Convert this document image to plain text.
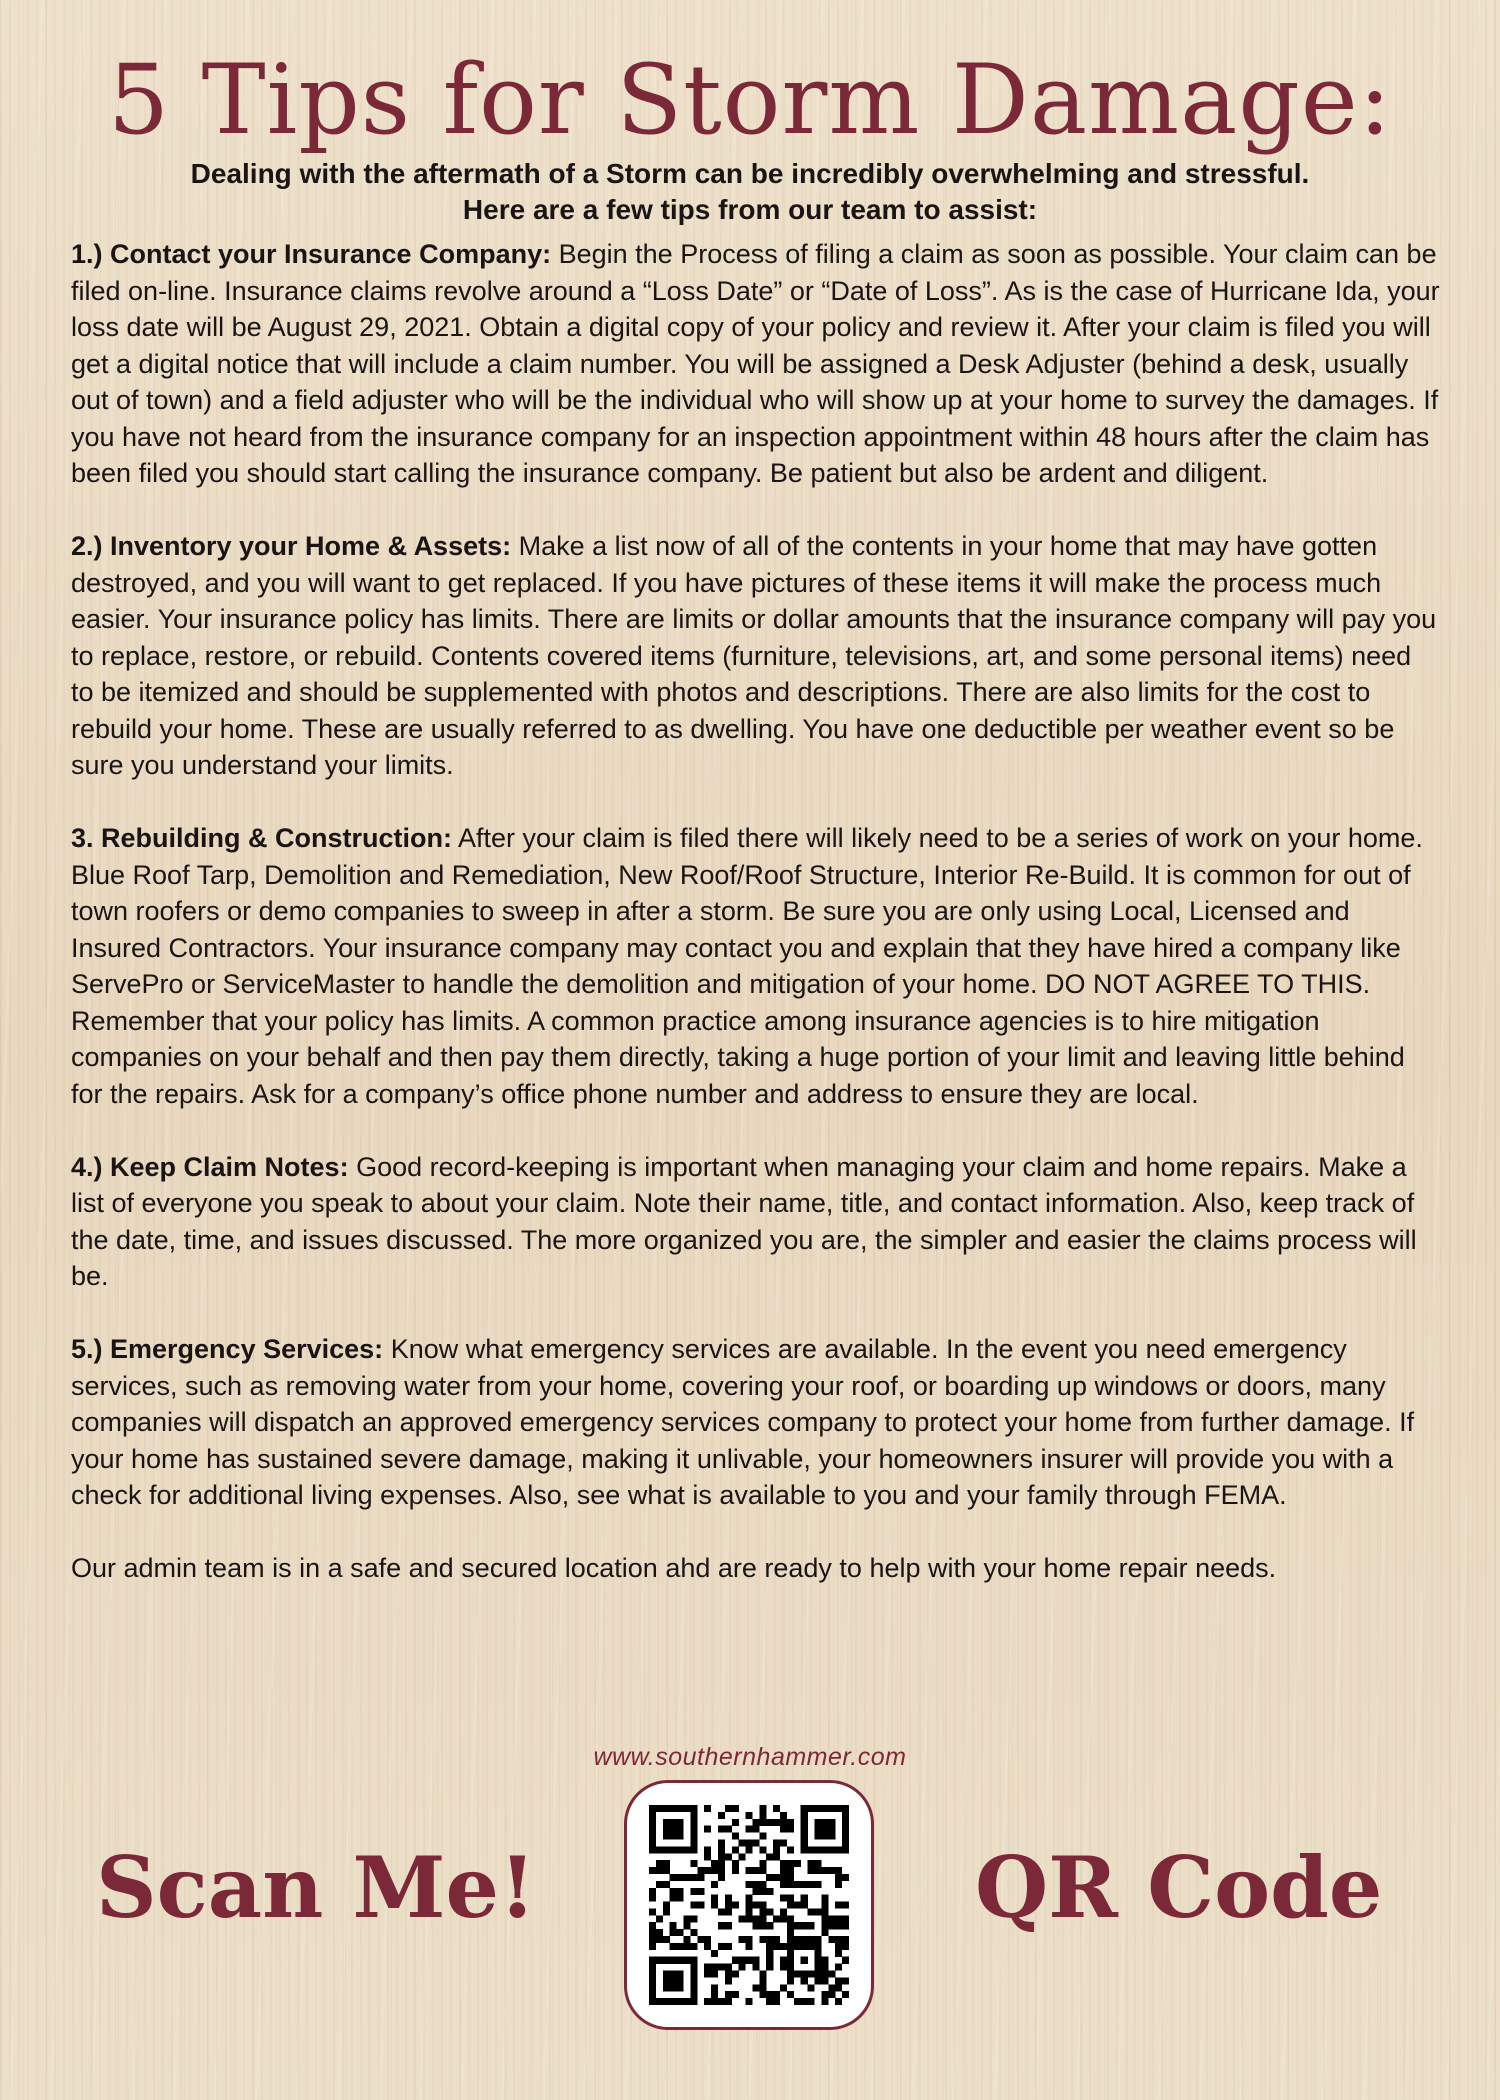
5 Tips for Storm Damage:
Dealing with the aftermath of a Storm can be incredibly overwhelming and stressful.
Here are a few tips from our team to assist:

1.) Contact your Insurance Company: Begin the Process of filing a claim as soon as possible. Your claim can be filed on-line. Insurance claims revolve around a “Loss Date” or “Date of Loss”. As is the case of Hurricane Ida, your loss date will be August 29, 2021. Obtain a digital copy of your policy and review it. After your claim is filed you will get a digital notice that will include a claim number. You will be assigned a Desk Adjuster (behind a desk, usually out of town) and a field adjuster who will be the individual who will show up at your home to survey the damages. If you have not heard from the insurance company for an inspection appointment within 48 hours after the claim has been filed you should start calling the insurance company. Be patient but also be ardent and diligent.

2.) Inventory your Home & Assets: Make a list now of all of the contents in your home that may have gotten destroyed, and you will want to get replaced. If you have pictures of these items it will make the process much easier. Your insurance policy has limits. There are limits or dollar amounts that the insurance company will pay you to replace, restore, or rebuild. Contents covered items (furniture, televisions, art, and some personal items) need to be itemized and should be supplemented with photos and descriptions. There are also limits for the cost to rebuild your home. These are usually referred to as dwelling. You have one deductible per weather event so be sure you understand your limits.

3. Rebuilding & Construction: After your claim is filed there will likely need to be a series of work on your home. Blue Roof Tarp, Demolition and Remediation, New Roof/Roof Structure, Interior Re-Build. It is common for out of town roofers or demo companies to sweep in after a storm. Be sure you are only using Local, Licensed and Insured Contractors. Your insurance company may contact you and explain that they have hired a company like ServePro or ServiceMaster to handle the demolition and mitigation of your home. DO NOT AGREE TO THIS. Remember that your policy has limits. A common practice among insurance agencies is to hire mitigation companies on your behalf and then pay them directly, taking a huge portion of your limit and leaving little behind for the repairs. Ask for a company’s office phone number and address to ensure they are local.

4.) Keep Claim Notes: Good record-keeping is important when managing your claim and home repairs. Make a list of everyone you speak to about your claim. Note their name, title, and contact information. Also, keep track of the date, time, and issues discussed. The more organized you are, the simpler and easier the claims process will be.

5.) Emergency Services: Know what emergency services are available. In the event you need emergency services, such as removing water from your home, covering your roof, or boarding up windows or doors, many companies will dispatch an approved emergency services company to protect your home from further damage. If your home has sustained severe damage, making it unlivable, your homeowners insurer will provide you with a check for additional living expenses. Also, see what is available to you and your family through FEMA.

Our admin team is in a safe and secured location ahd are ready to help with your home repair needs.

www.southernhammer.com
Scan Me!	QR Code
